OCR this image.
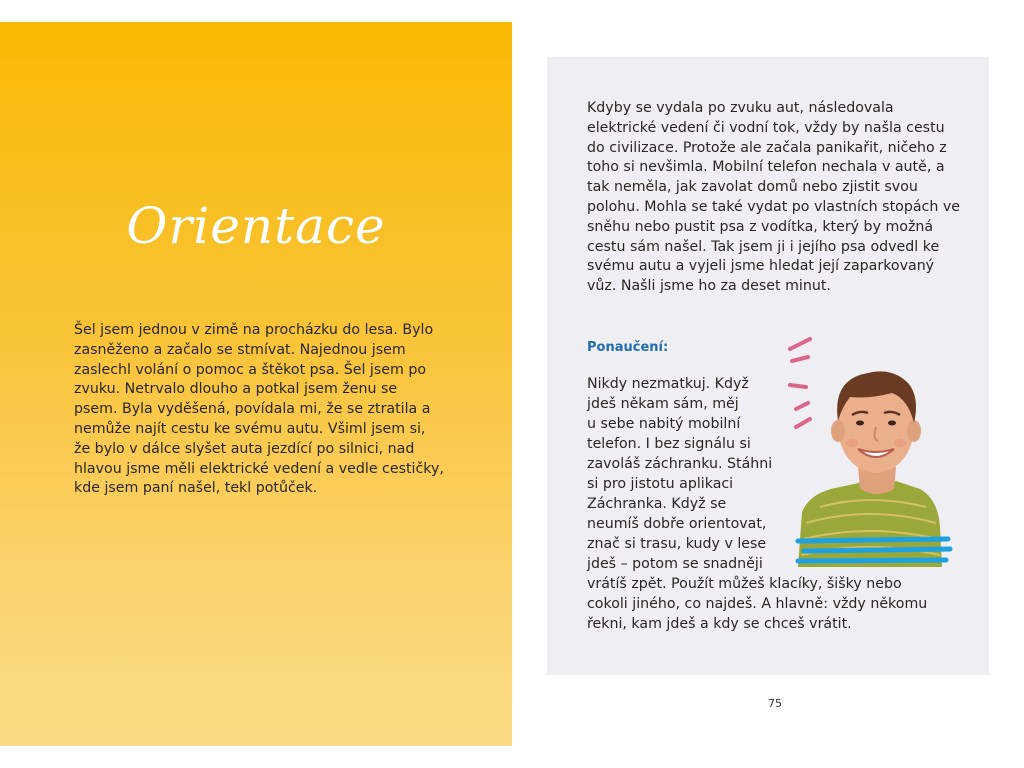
Orientace

Šel jsem jednou v zimě na procházku do lesa. Bylo zasněženo a začalo se stmívat. Najednou jsem zaslechl volání o pomoc a štěkot psa. Šel jsem po zvuku. Netrvalo dlouho a potkal jsem ženu se psem. Byla vyděšená, povídala mi, že se ztratila a nemůže najít cestu ke svému autu. Všiml jsem si, že bylo v dálce slyšet auta jezdící po silnici, nad hlavou jsme měli elektrické vedení a vedle cestičky, kde jsem paní našel, tekl potůček.

Kdyby se vydala po zvuku aut, následovala elektrické vedení či vodní tok, vždy by našla cestu do civilizace. Protože ale začala panikařit, ničeho z toho si nevšimla. Mobilní telefon nechala v autě, a tak neměla, jak zavolat domů nebo zjistit svou polohu. Mohla se také vydat po vlastních stopách ve sněhu nebo pustit psa z vodítka, který by možná cestu sám našel. Tak jsem ji i jejího psa odvedl ke svému autu a vyjeli jsme hledat její zaparkovaný vůz. Našli jsme ho za deset minut.

Ponaučení:

Nikdy nezmatkuj. Když
jdeš někam sám, měj
u sebe nabitý mobilní
telefon. I bez signálu si
zavoláš záchranku. Stáhni
si pro jistotu aplikaci
Záchranka. Když se
neumíš dobře orientovat,
znač si trasu, kudy v lese
jdeš – potom se snadněji
vrátíš zpět. Použít můžeš klacíky, šišky nebo
cokoli jiného, co najdeš. A hlavně: vždy někomu
řekni, kam jdeš a kdy se chceš vrátit.
75
